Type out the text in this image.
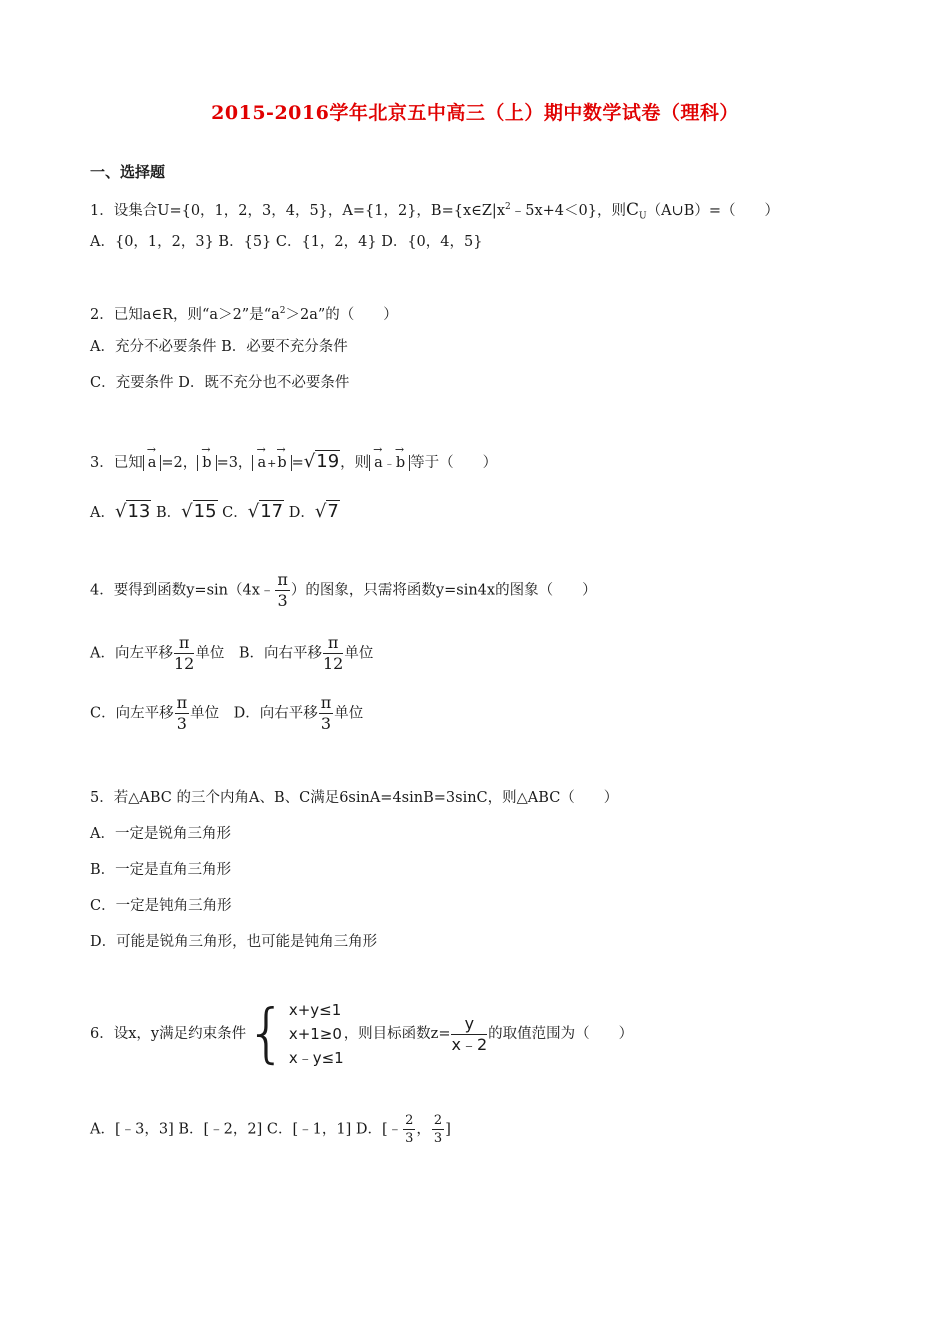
2015-2016学年北京五中高三（上）期中数学试卷（理科）
一、选择题
1．设集合U={0，1，2，3，4，5}，A={1，2}，$B=\{x\in Z|x^2﹣5x+4<0\}$，则$C_U(A\cup B)=$（　　）
A．{0，1，2，3} B．{5} C．{1，2，4} D．{0，4，5}
2．已知a∈R，则“a＞2”是“$a^2>2a$”的（　　）
A．充分不必要条件 B．必要不充分条件
C．充要条件 D．既不充分也不必要条件
3．已知 → a =2， → b =3， → a+→ b =√19，则 → a﹣→ b 等于（　　）
A．√13 B．√15 C．√17 D．√7
4．要得到函数y=sin（4x﹣ $\frac{\pi}{3}$ ）的图象，只需将函数y=sin4x的图象（　　）
A．向左平移 $\frac{\pi}{12}$ 单位　B．向右平移 $\frac{\pi}{12}$ 单位
C．向左平移 $\frac{\pi}{3}$ 单位　D．向右平移 $\frac{\pi}{3}$ 单位
5．若△ABC 的三个内角A、B、C满足6sinA=4sinB=3sinC，则△ABC（　　）
A．一定是锐角三角形
B．一定是直角三角形
C．一定是钝角三角形
D．可能是锐角三角形，也可能是钝角三角形
6．设x，y满足约束条件{ x+y≤1
x+1≥0
x﹣y≤1
，则目标函数$z= \frac{y}{x﹣2}$ 的取值范围为（　　）
A．[﹣3，3] B．[﹣2，2] C．[﹣1，1] D．[﹣ $\frac{2}{3}$ ， $\frac{2}{3}$ ]
